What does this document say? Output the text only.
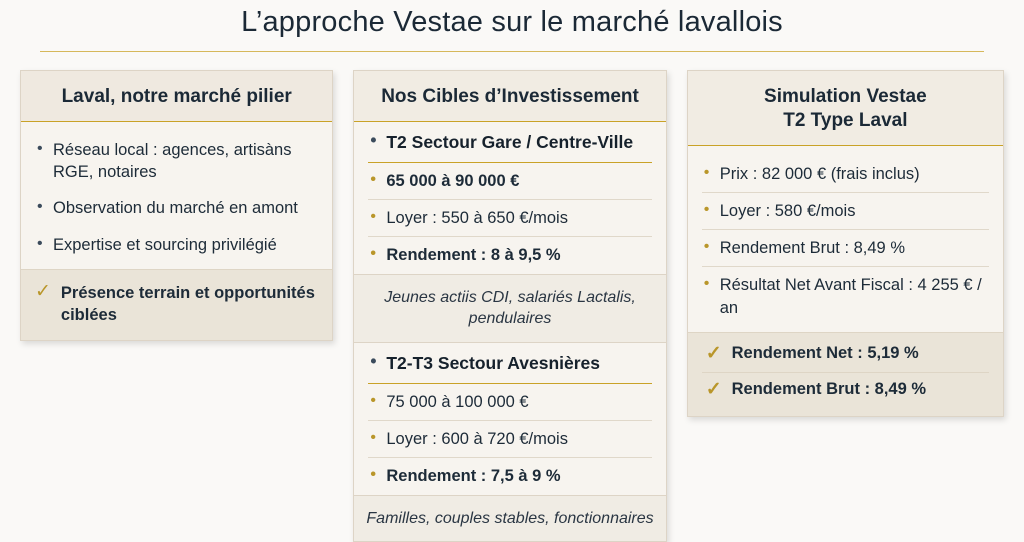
L’approche Vestae sur le marché lavallois
Laval, notre marché pilier
• Réseau local : agences, artisàns RGE, notaires
• Observation du marché en amont
• Expertise et sourcing privilégié
✓ Présence terrain et opportunités ciblées
Nos Cibles d’Investissement
• T2 Sectour Gare / Centre-Ville
• 65 000 à 90 000 €
• Loyer : 550 à 650 €/mois
• Rendement : 8 à 9,5 %
Jeunes actiis CDI, salariés Lactalis, pendulaires
• T2-T3 Sectour Avesnières
• 75 000 à 100 000 €
• Loyer : 600 à 720 €/mois
• Rendement : 7,5 à 9 %
Familles, couples stables, fonctionnaires
Simulation Vestae
T2 Type Laval
• Prix : 82 000 € (frais inclus)
• Loyer : 580 €/mois
• Rendement Brut : 8,49 %
• Résultat Net Avant Fiscal : 4 255 € / an
✓ Rendement Net : 5,19 %
✓ Rendement Brut : 8,49 %
